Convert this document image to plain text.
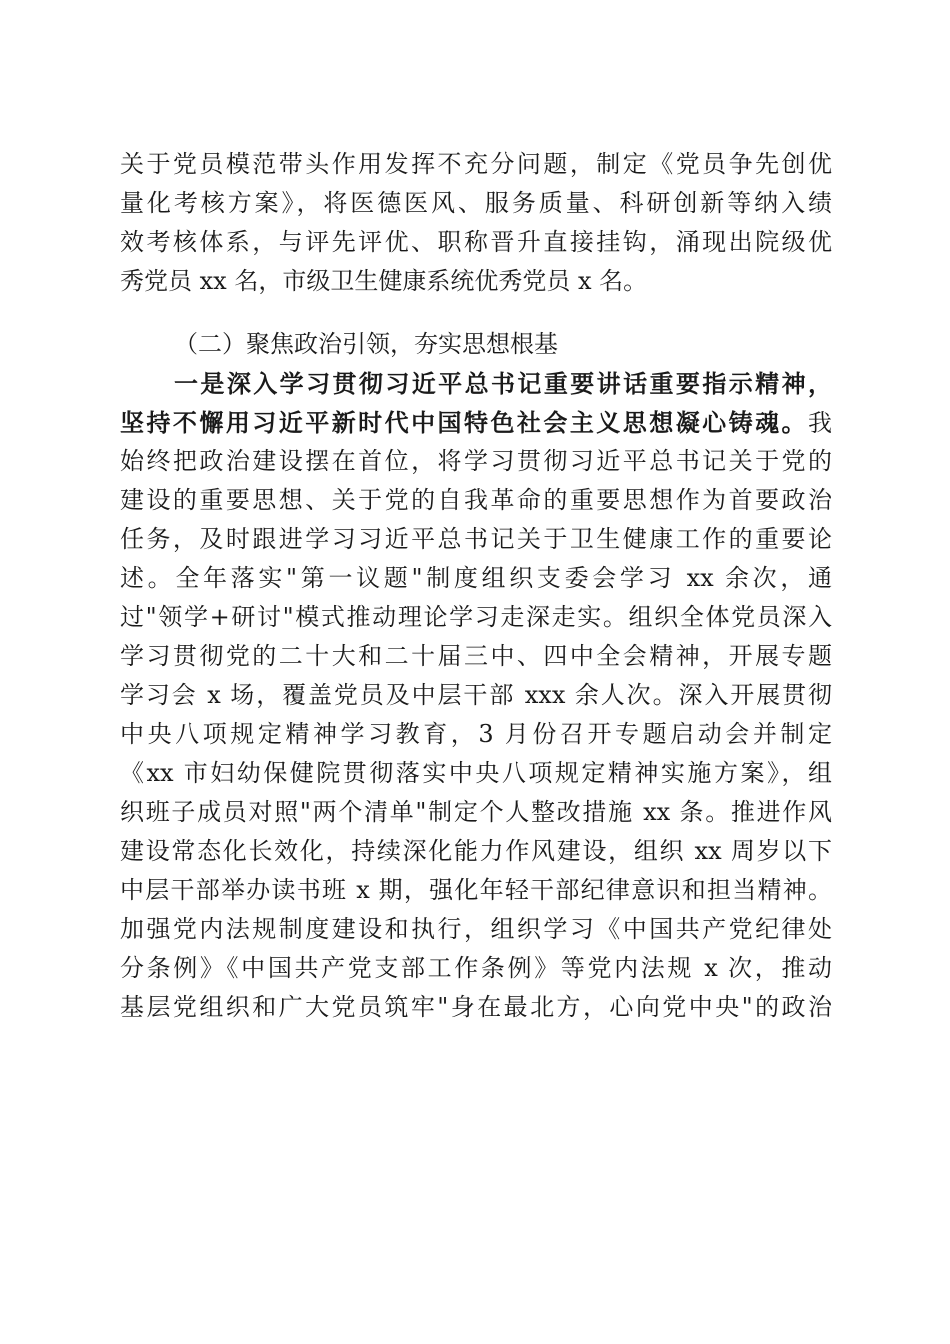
关于党员模范带头作用发挥不充分问题，制定《党员争先创优
量化考核方案》，将医德医风、服务质量、科研创新等纳入绩
效考核体系，与评先评优、职称晋升直接挂钩，涌现出院级优
秀党员 xx 名，市级卫生健康系统优秀党员 x 名。
（二）聚焦政治引领，夯实思想根基
一是深入学习贯彻习近平总书记重要讲话重要指示精神，
坚持不懈用习近平新时代中国特色社会主义思想凝心铸魂。我
始终把政治建设摆在首位，将学习贯彻习近平总书记关于党的
建设的重要思想、关于党的自我革命的重要思想作为首要政治
任务，及时跟进学习习近平总书记关于卫生健康工作的重要论
述。全年落实"第一议题"制度组织支委会学习 xx 余次，通
过"领学+研讨"模式推动理论学习走深走实。组织全体党员深入
学习贯彻党的二十大和二十届三中、四中全会精神，开展专题
学习会 x 场，覆盖党员及中层干部 xxx 余人次。深入开展贯彻
中央八项规定精神学习教育，3 月份召开专题启动会并制定
《xx 市妇幼保健院贯彻落实中央八项规定精神实施方案》，组
织班子成员对照"两个清单"制定个人整改措施 xx 条。推进作风
建设常态化长效化，持续深化能力作风建设，组织 xx 周岁以下
中层干部举办读书班 x 期，强化年轻干部纪律意识和担当精神。
加强党内法规制度建设和执行，组织学习《中国共产党纪律处
分条例》《中国共产党支部工作条例》等党内法规 x 次，推动
基层党组织和广大党员筑牢"身在最北方，心向党中央"的政治
